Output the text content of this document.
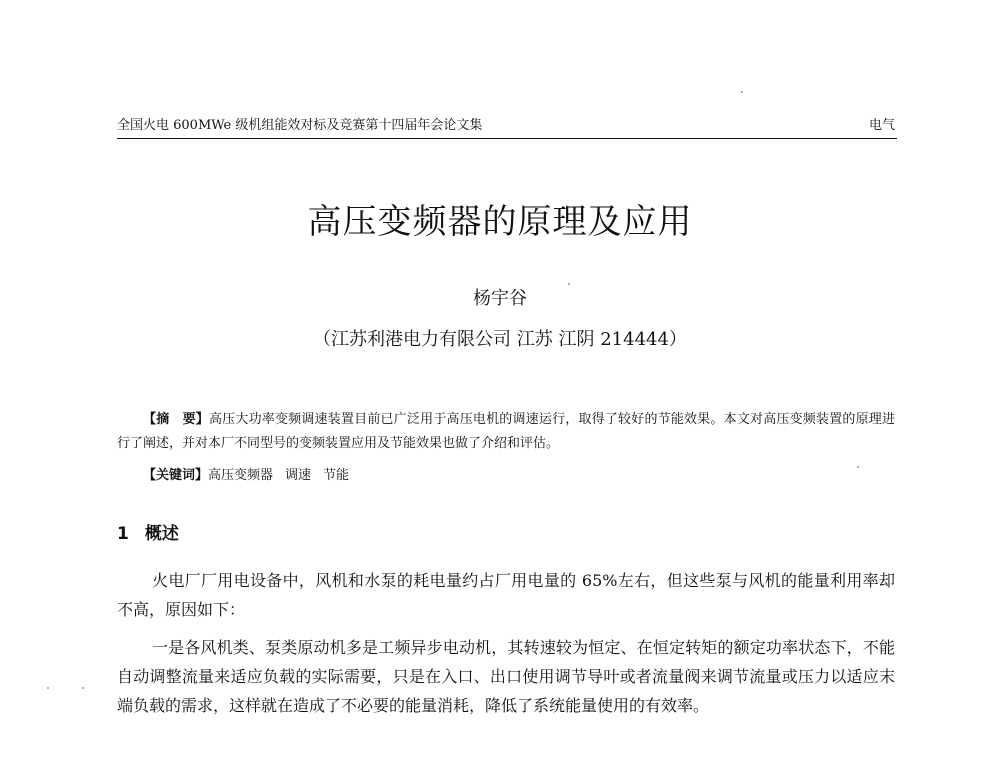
全国火电 600MWe 级机组能效对标及竞赛第十四届年会论文集	电气
高压变频器的原理及应用
杨宇谷
（江苏利港电力有限公司 江苏 江阴 214444）
【摘　要】高压大功率变频调速装置目前已广泛用于高压电机的调速运行，取得了较好的节能效果。本文对高压变频装置的原理进行了阐述，并对本厂不同型号的变频装置应用及节能效果也做了介绍和评估。
【关键词】高压变频器 调速 节能
1 概述
火电厂厂用电设备中，风机和水泵的耗电量约占厂用电量的 65%左右，但这些泵与风机的能量利用率却不高，原因如下：
一是各风机类、泵类原动机多是工频异步电动机，其转速较为恒定、在恒定转矩的额定功率状态下，不能自动调整流量来适应负载的实际需要，只是在入口、出口使用调节导叶或者流量阀来调节流量或压力以适应末端负载的需求，这样就在造成了不必要的能量消耗，降低了系统能量使用的有效率。
